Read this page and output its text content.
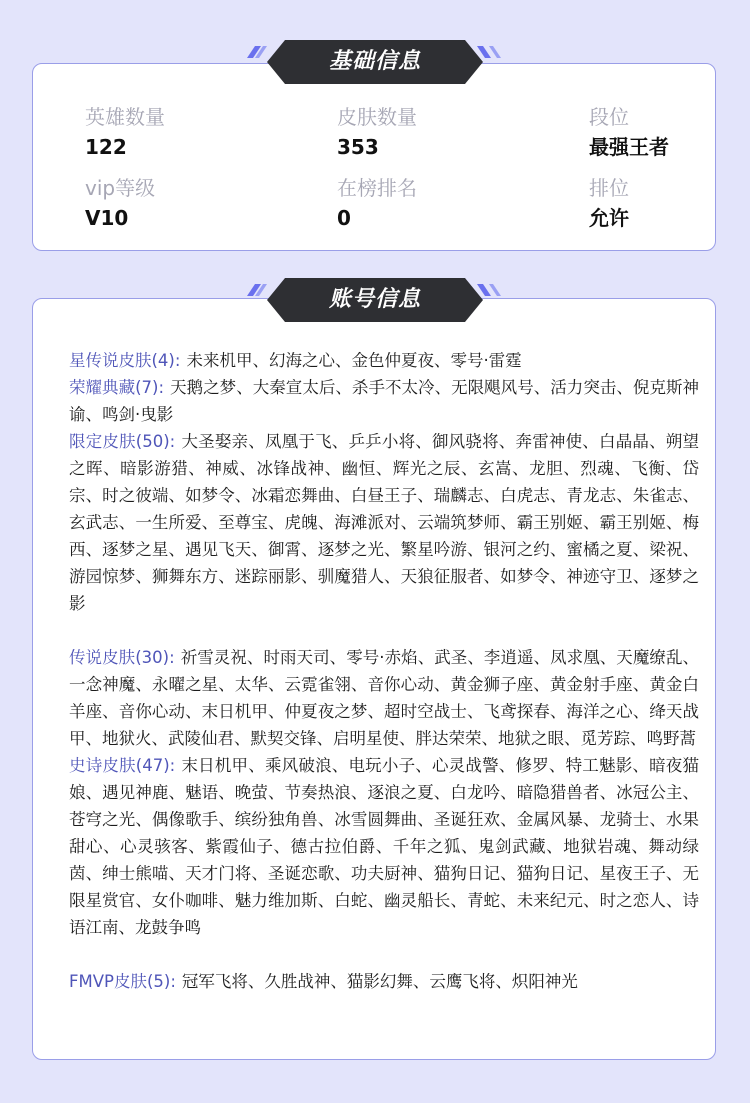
英雄数量
122
皮肤数量
353
段位
最强王者
vip等级
V10
在榜排名
0
排位
允许
基础信息
星传说皮肤(4): 未来机甲、幻海之心、金色仲夏夜、零号·雷霆
荣耀典藏(7): 天鹅之梦、大秦宣太后、杀手不太冷、无限飓风号、活力突击、倪克斯神谕、鸣剑·曳影
限定皮肤(50): 大圣娶亲、凤凰于飞、乒乒小将、御风骁将、奔雷神使、白晶晶、朔望之晖、暗影游猎、神威、冰锋战神、幽恒、辉光之辰、玄嵩、龙胆、烈魂、飞衡、岱宗、时之彼端、如梦令、冰霜恋舞曲、白昼王子、瑞麟志、白虎志、青龙志、朱雀志、玄武志、一生所爱、至尊宝、虎魄、海滩派对、云端筑梦师、霸王别姬、霸王别姬、梅西、逐梦之星、遇见飞天、御霄、逐梦之光、繁星吟游、银河之约、蜜橘之夏、梁祝、游园惊梦、狮舞东方、迷踪丽影、驯魔猎人、天狼征服者、如梦令、神迹守卫、逐梦之影
传说皮肤(30): 祈雪灵祝、时雨天司、零号·赤焰、武圣、李逍遥、凤求凰、天魔缭乱、一念神魔、永曜之星、太华、云霓雀翎、音你心动、黄金狮子座、黄金射手座、黄金白羊座、音你心动、末日机甲、仲夏夜之梦、超时空战士、飞鸢探春、海洋之心、绛天战甲、地狱火、武陵仙君、默契交锋、启明星使、胖达荣荣、地狱之眼、觅芳踪、鸣野蒿
史诗皮肤(47): 末日机甲、乘风破浪、电玩小子、心灵战警、修罗、特工魅影、暗夜猫娘、遇见神鹿、魅语、晚萤、节奏热浪、逐浪之夏、白龙吟、暗隐猎兽者、冰冠公主、苍穹之光、偶像歌手、缤纷独角兽、冰雪圆舞曲、圣诞狂欢、金属风暴、龙骑士、水果甜心、心灵骇客、紫霞仙子、德古拉伯爵、千年之狐、鬼剑武藏、地狱岩魂、舞动绿茵、绅士熊喵、天才门将、圣诞恋歌、功夫厨神、猫狗日记、猫狗日记、星夜王子、无限星赏官、女仆咖啡、魅力维加斯、白蛇、幽灵船长、青蛇、未来纪元、时之恋人、诗语江南、龙鼓争鸣
FMVP皮肤(5): 冠军飞将、久胜战神、猫影幻舞、云鹰飞将、炽阳神光
账号信息
